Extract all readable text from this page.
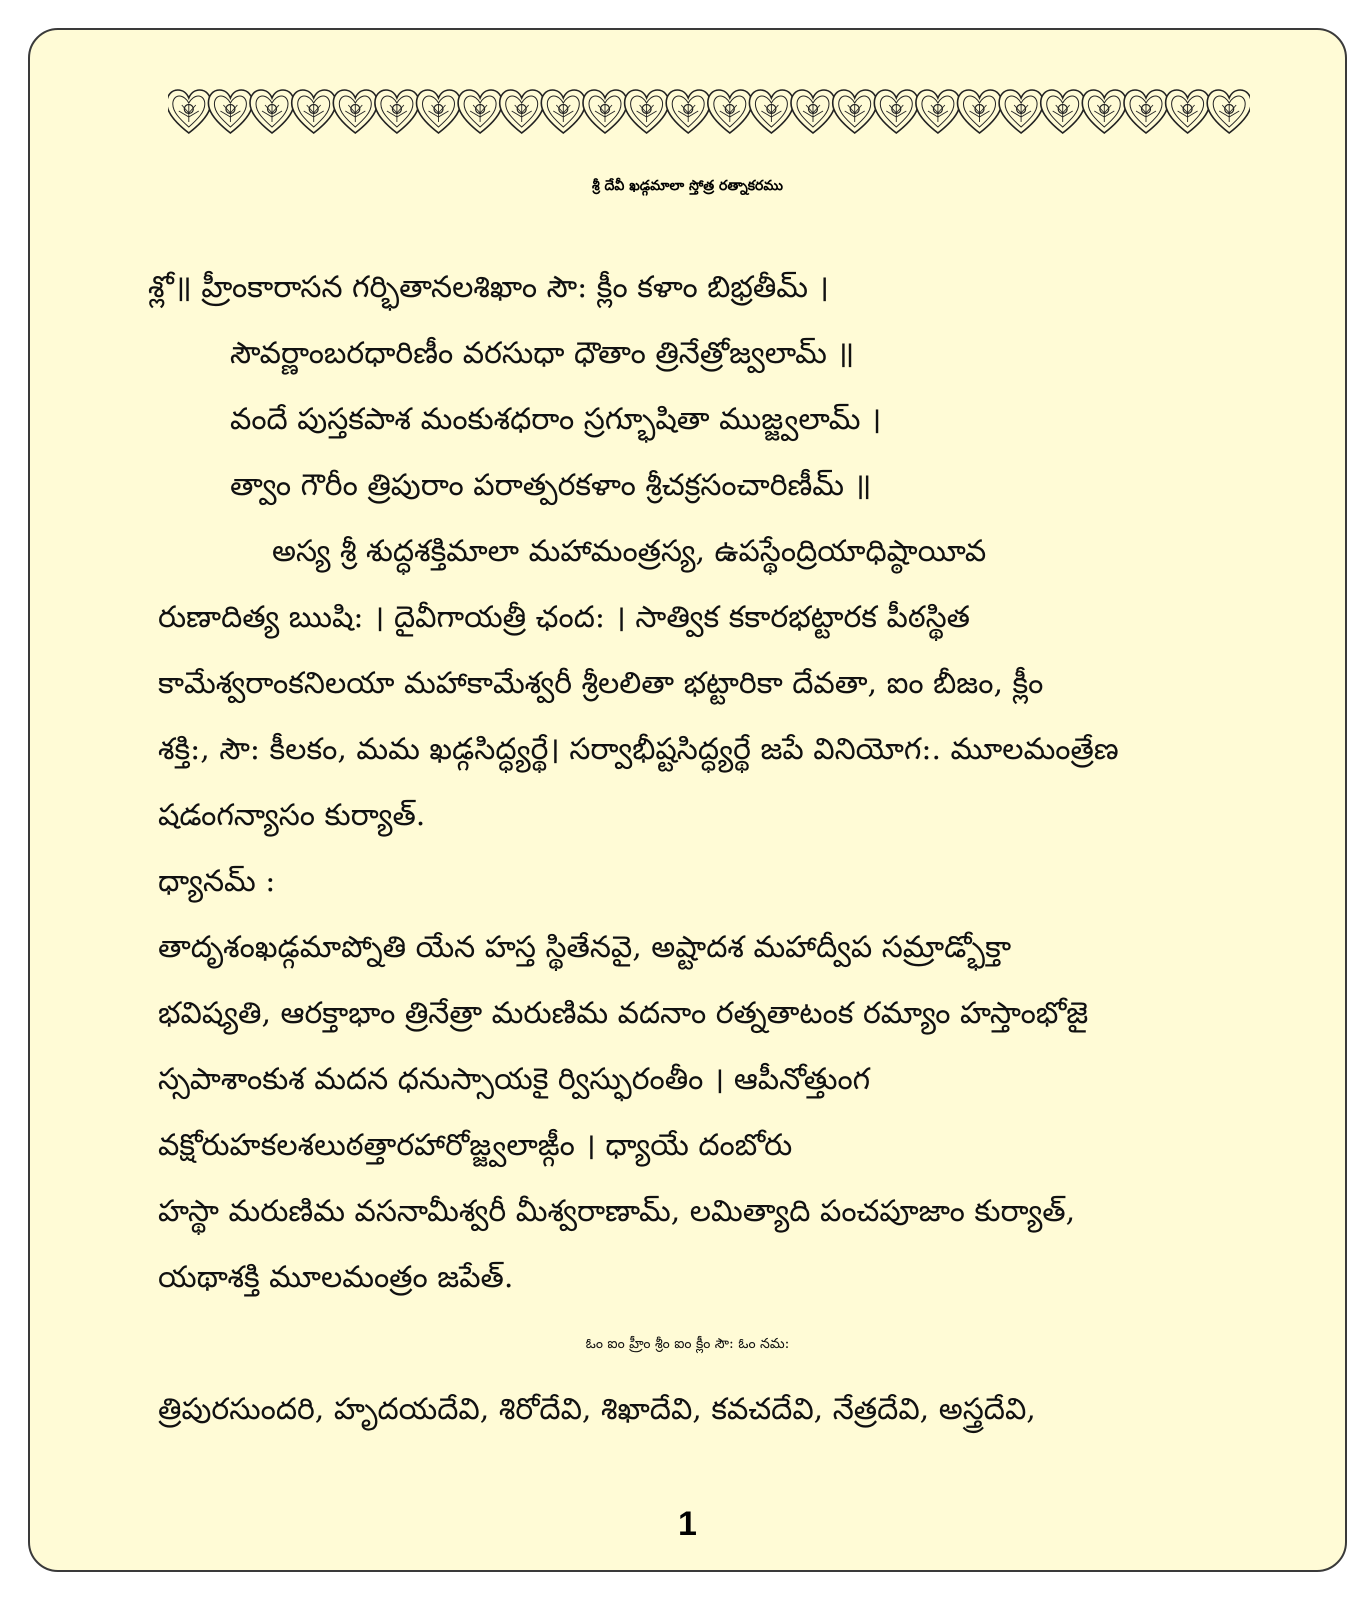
శ్రీ దేవీ ఖడ్గమాలా స్తోత్ర రత్నాకరము
శ్లో॥ హ్రీంకారాసన గర్భితానలశిఖాం సౌ: క్లీం కళాం బిభ్రతీమ్ ।
సౌవర్ణాంబరధారిణీం వరసుధా ధౌతాం త్రినేత్రోజ్వలామ్ ॥
వందే పుస్తకపాశ మంకుశధరాం స్రగ్భూషితా ముజ్జ్వలామ్ ।
త్వాం గౌరీం త్రిపురాం పరాత్పరకళాం శ్రీచక్రసంచారిణీమ్ ॥
అస్య శ్రీ శుద్ధశక్తిమాలా మహామంత్రస్య, ఉపస్థేంద్రియాధిష్ఠాయీవ
రుణాదిత్య ఋషి: । దైవీగాయత్రీ ఛంద: । సాత్విక కకారభట్టారక పీఠస్థిత
కామేశ్వరాంకనిలయా మహాకామేశ్వరీ శ్రీలలితా భట్టారికా దేవతా, ఐం బీజం, క్లీం
శక్తి:, సౌ: కీలకం, మమ ఖడ్గసిద్ధ్యర్థే। సర్వాభీష్టసిద్ధ్యర్థే జపే వినియోగ:. మూలమంత్రేణ
షడంగన్యాసం కుర్యాత్.
ధ్యానమ్ :
తాదృశంఖడ్గమాప్నోతి యేన హస్త స్థితేనవై, అష్టాదశ మహాద్వీప సమ్రాడ్భోక్తా
భవిష్యతి, ఆరక్తాభాం త్రినేత్రా మరుణిమ వదనాం రత్నతాటంక రమ్యాం హస్తాంభోజై
స్సపాశాంకుశ మదన ధనుస్సాయకై ర్విస్ఫురంతీం । ఆపీనోత్తుంగ
వక్షోరుహకలశలుఠత్తారహారోజ్జ్వలాఙ్గీం । ధ్యాయే దంబోరు
హస్థా మరుణిమ వసనామీశ్వరీ మీశ్వరాణామ్, లమిత్యాది పంచపూజాం కుర్యాత్,
యథాశక్తి మూలమంత్రం జపేత్.
ఓం ఐం హ్రీం శ్రీం ఐం క్లీం సౌ: ఓం నమ:
త్రిపురసుందరి, హృదయదేవి, శిరోదేవి, శిఖాదేవి, కవచదేవి, నేత్రదేవి, అస్త్రదేవి,
1
